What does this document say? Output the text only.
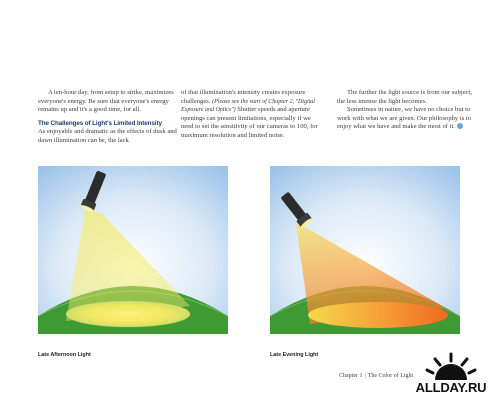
A ten-hour day, from setup to strike, maximizes everyone's energy. Be sure that everyone's energy remains up and it's a good time, for all.

The Challenges of Light's Limited Intensity

As enjoyable and dramatic as the effects of dusk and dawn illumination can be, the lack

of that illumination's intensity creates exposure challenges. (Please see the start of Chapter 2, "Digital Exposure and Optics") Shutter speeds and aperture openings can present limitations, especially if we need to set the sensitivity of our cameras to 100, for maximum resolution and limited noise.

The further the light source is from our subject, the less intense the light becomes.

Sometimes in nature, we have no choice but to work with what we are given. Our philosophy is to enjoy what we have and make the most of it.

Late Afternoon Light	Late Evening Light
Chapter 1 | The Color of Light
ALLDAY.RU
